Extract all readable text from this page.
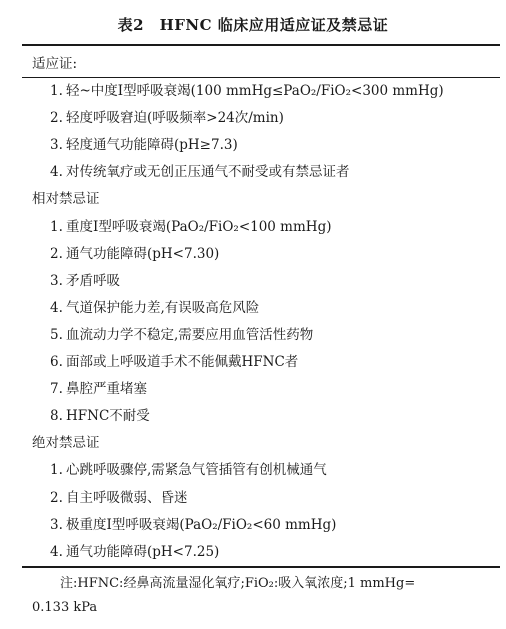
表2　HFNC 临床应用适应证及禁忌证
适应证:
1. 轻~中度Ⅰ型呼吸衰竭(100 mmHg≤PaO₂/FiO₂<300 mmHg)
2. 轻度呼吸窘迫(呼吸频率>24次/min)
3. 轻度通气功能障碍(pH≥7.3)
4. 对传统氧疗或无创正压通气不耐受或有禁忌证者
相对禁忌证
1. 重度Ⅰ型呼吸衰竭(PaO₂/FiO₂<100 mmHg)
2. 通气功能障碍(pH<7.30)
3. 矛盾呼吸
4. 气道保护能力差,有误吸高危风险
5. 血流动力学不稳定,需要应用血管活性药物
6. 面部或上呼吸道手术不能佩戴HFNC者
7. 鼻腔严重堵塞
8. HFNC不耐受
绝对禁忌证
1. 心跳呼吸骤停,需紧急气管插管有创机械通气
2. 自主呼吸微弱、昏迷
3. 极重度Ⅰ型呼吸衰竭(PaO₂/FiO₂<60 mmHg)
4. 通气功能障碍(pH<7.25)
注:HFNC:经鼻高流量湿化氧疗;FiO₂:吸入氧浓度;1 mmHg=
0.133 kPa
